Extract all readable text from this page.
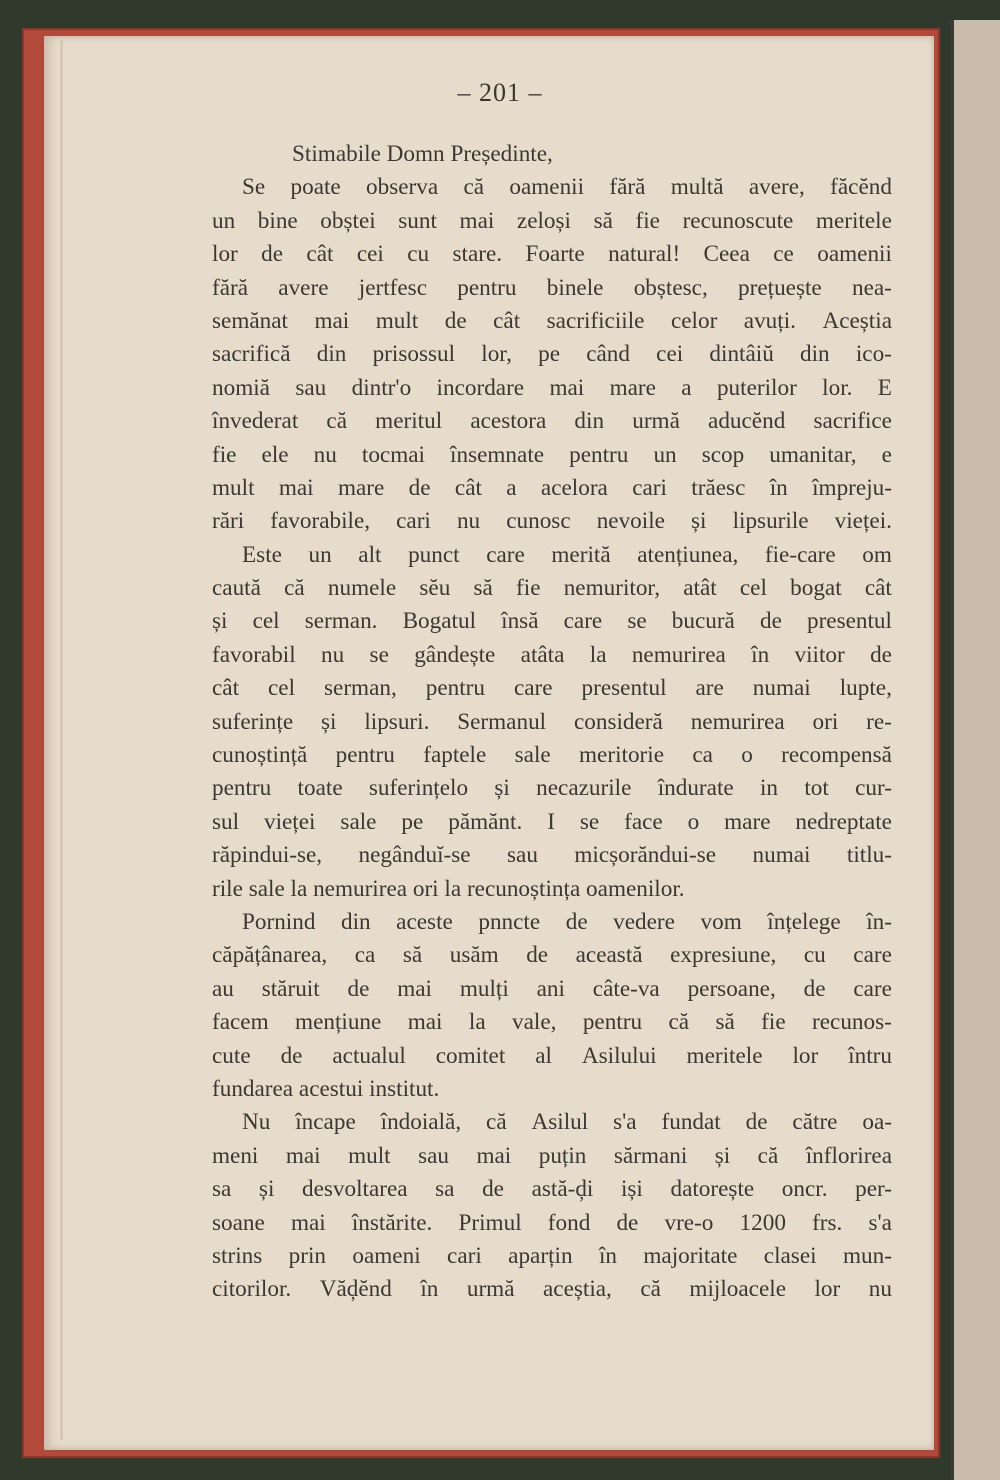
– 201 –
Stimabile Domn Președinte,
Se poate observa că oamenii fără multă avere, făcĕnd
un bine obștei sunt mai zeloși să fie recunoscute meritele
lor de cât cei cu stare. Foarte natural! Ceea ce oamenii
fără avere jertfesc pentru binele obștesc, prețuește nea-
semănat mai mult de cât sacrificiile celor avuți. Aceștia
sacrifică din prisossul lor, pe când cei dintâiŭ din ico-
nomiă sau dintr'o incordare mai mare a puterilor lor. E
învederat că meritul acestora din urmă aducĕnd sacrifice
fie ele nu tocmai însemnate pentru un scop umanitar, e
mult mai mare de cât a acelora cari trăesc în împreju-
rări favorabile, cari nu cunosc nevoile și lipsurile vieței.
Este un alt punct care merită atențiunea, fie-care om
caută că numele sĕu să fie nemuritor, atât cel bogat cât
și cel serman. Bogatul însă care se bucură de presentul
favorabil nu se gândește atâta la nemurirea în viitor de
cât cel serman, pentru care presentul are numai lupte,
suferințe și lipsuri. Sermanul consideră nemurirea ori re-
cunoștință pentru faptele sale meritorie ca o recompensă
pentru toate suferințelo și necazurile îndurate in tot cur-
sul vieței sale pe pămănt. I se face o mare nedreptate
răpindui-se, negânduĭ-se sau micșorăndui-se numai titlu-
rile sale la nemurirea ori la recunoștința oamenilor.
Pornind din aceste pnncte de vedere vom înțelege în-
căpățânarea, ca să usăm de această expresiune, cu care
au stăruit de mai mulți ani câte-va persoane, de care
facem mențiune mai la vale, pentru că să fie recunos-
cute de actualul comitet al Asilului meritele lor întru
fundarea acestui institut.
Nu încape îndoială, că Asilul s'a fundat de către oa-
meni mai mult sau mai puțin sărmani și că înflorirea
sa și desvoltarea sa de astă-ḑi iși datorește oncr. per-
soane mai înstărite. Primul fond de vre-o 1200 frs. s'a
strins prin oameni cari aparțin în majoritate clasei mun-
citorilor. Văḑĕnd în urmă aceștia, că mijloacele lor nu
